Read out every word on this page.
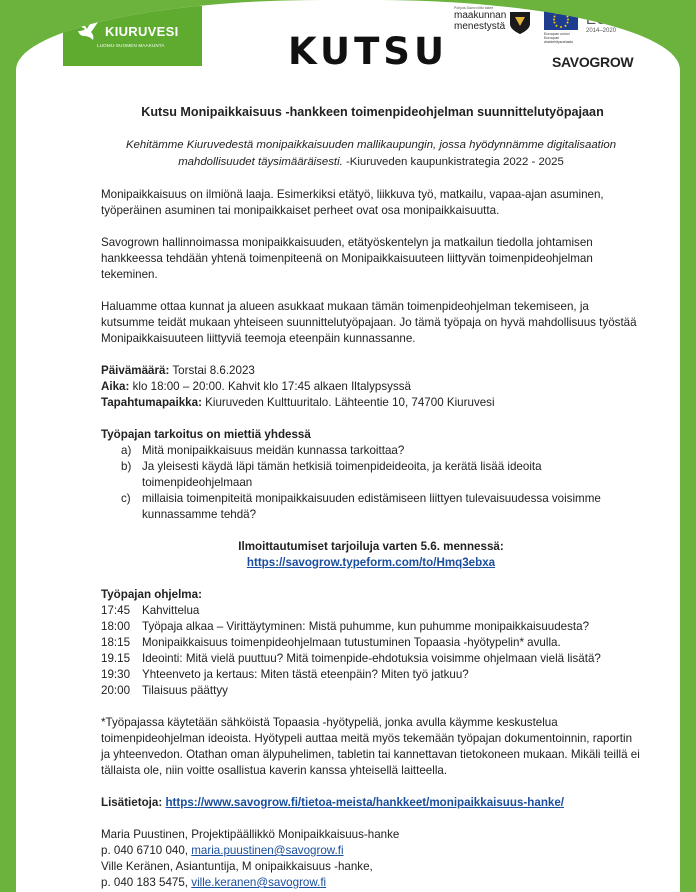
KIURUVESI
LUOMU-SUOMEN MAAKUNTA	KUTSU
Pohjois-Savon liitto tukee
maakunnan menestystä
Euroopan unioni Euroopan aluekehitysrahasto
Vipuvoimaa
EU:lta
2014–2020
SAVOGROW
Kutsu Monipaikkaisuus -hankkeen toimenpideohjelman suunnittelutyöpajaan
Kehitämme Kiuruvedestä monipaikkaisuuden mallikaupungin, jossa hyödynnämme digitalisaation mahdollisuudet täysimääräisesti. -Kiuruveden kaupunkistrategia 2022 - 2025
Monipaikkaisuus on ilmiönä laaja. Esimerkiksi etätyö, liikkuva työ, matkailu, vapaa-ajan asuminen, työperäinen asuminen tai monipaikkaiset perheet ovat osa monipaikkaisuutta.
Savogrown hallinnoimassa monipaikkaisuuden, etätyöskentelyn ja matkailun tiedolla johtamisen hankkeessa tehdään yhtenä toimenpiteenä on Monipaikkaisuuteen liittyvän toimenpideohjelman tekeminen.
Haluamme ottaa kunnat ja alueen asukkaat mukaan tämän toimenpideohjelman tekemiseen, ja kutsumme teidät mukaan yhteiseen suunnittelutyöpajaan. Jo tämä työpaja on hyvä mahdollisuus työstää Monipaikkaisuuteen liittyviä teemoja eteenpäin kunnassanne.
Päivämäärä: Torstai 8.6.2023
Aika: klo 18:00 – 20:00. Kahvit klo 17:45 alkaen Iltalypsyssä
Tapahtumapaikka: Kiuruveden Kulttuuritalo. Lähteentie 10, 74700 Kiuruvesi
Työpajan tarkoitus on miettiä yhdessä
a) Mitä monipaikkaisuus meidän kunnassa tarkoittaa?
b) Ja yleisesti käydä läpi tämän hetkisiä toimenpideideoita, ja kerätä lisää ideoita toimenpideohjelmaan
c) millaisia toimenpiteitä monipaikkaisuuden edistämiseen liittyen tulevaisuudessa voisimme kunnassamme tehdä?
Ilmoittautumiset tarjoiluja varten 5.6. mennessä:
https://savogrow.typeform.com/to/Hmq3ebxa
Työpajan ohjelma:
17:45	Kahvittelua
18:00	Työpaja alkaa – Virittäytyminen: Mistä puhumme, kun puhumme monipaikkaisuudesta?
18:15	Monipaikkaisuus toimenpideohjelmaan tutustuminen Topaasia -hyötypelin* avulla.
19.15	Ideointi: Mitä vielä puuttuu? Mitä toimenpide-ehdotuksia voisimme ohjelmaan vielä lisätä?
19:30	Yhteenveto ja kertaus: Miten tästä eteenpäin? Miten työ jatkuu?
20:00	Tilaisuus päättyy
*Työpajassa käytetään sähköistä Topaasia -hyötypeliä, jonka avulla käymme keskustelua toimenpideohjelman ideoista. Hyötypeli auttaa meitä myös tekemään työpajan dokumentoinnin, raportin ja yhteenvedon. Otathan oman älypuhelimen, tabletin tai kannettavan tietokoneen mukaan. Mikäli teillä ei tällaista ole, niin voitte osallistua kaverin kanssa yhteisellä laitteella.
Lisätietoja: https://www.savogrow.fi/tietoa-meista/hankkeet/monipaikkaisuus-hanke/
Maria Puustinen, Projektipäällikkö Monipaikkaisuus-hanke
p. 040 6710 040, maria.puustinen@savogrow.fi
Ville Keränen, Asiantuntija, M onipaikkaisuus -hanke,
p. 040 183 5475, ville.keranen@savogrow.fi
